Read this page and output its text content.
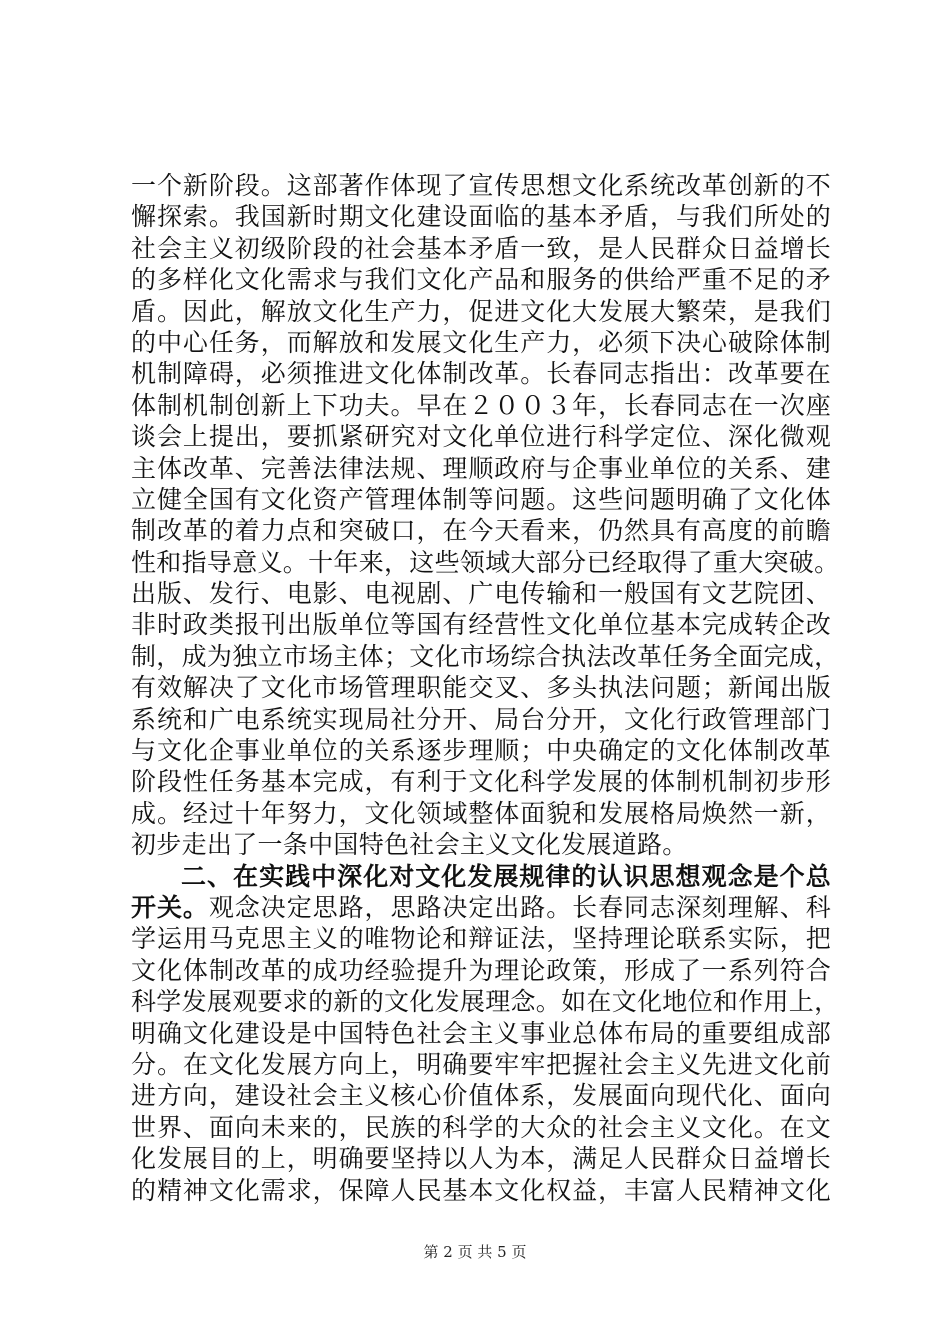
一个新阶段。这部著作体现了宣传思想文化系统改革创新的不
懈探索。我国新时期文化建设面临的基本矛盾，与我们所处的
社会主义初级阶段的社会基本矛盾一致，是人民群众日益增长
的多样化文化需求与我们文化产品和服务的供给严重不足的矛
盾。因此，解放文化生产力，促进文化大发展大繁荣，是我们
的中心任务，而解放和发展文化生产力，必须下决心破除体制
机制障碍，必须推进文化体制改革。长春同志指出：改革要在
体制机制创新上下功夫。早在２００３年，长春同志在一次座
谈会上提出，要抓紧研究对文化单位进行科学定位、深化微观
主体改革、完善法律法规、理顺政府与企事业单位的关系、建
立健全国有文化资产管理体制等问题。这些问题明确了文化体
制改革的着力点和突破口，在今天看来，仍然具有高度的前瞻
性和指导意义。十年来，这些领域大部分已经取得了重大突破。
出版、发行、电影、电视剧、广电传输和一般国有文艺院团、
非时政类报刊出版单位等国有经营性文化单位基本完成转企改
制，成为独立市场主体；文化市场综合执法改革任务全面完成，
有效解决了文化市场管理职能交叉、多头执法问题；新闻出版
系统和广电系统实现局社分开、局台分开，文化行政管理部门
与文化企事业单位的关系逐步理顺；中央确定的文化体制改革
阶段性任务基本完成，有利于文化科学发展的体制机制初步形
成。经过十年努力，文化领域整体面貌和发展格局焕然一新，
初步走出了一条中国特色社会主义文化发展道路。
二、在实践中深化对文化发展规律的认识思想观念是个总
开关。观念决定思路，思路决定出路。长春同志深刻理解、科
学运用马克思主义的唯物论和辩证法，坚持理论联系实际，把
文化体制改革的成功经验提升为理论政策，形成了一系列符合
科学发展观要求的新的文化发展理念。如在文化地位和作用上，
明确文化建设是中国特色社会主义事业总体布局的重要组成部
分。在文化发展方向上，明确要牢牢把握社会主义先进文化前
进方向，建设社会主义核心价值体系，发展面向现代化、面向
世界、面向未来的，民族的科学的大众的社会主义文化。在文
化发展目的上，明确要坚持以人为本，满足人民群众日益增长
的精神文化需求，保障人民基本文化权益，丰富人民精神文化
第 2 页 共 5 页
